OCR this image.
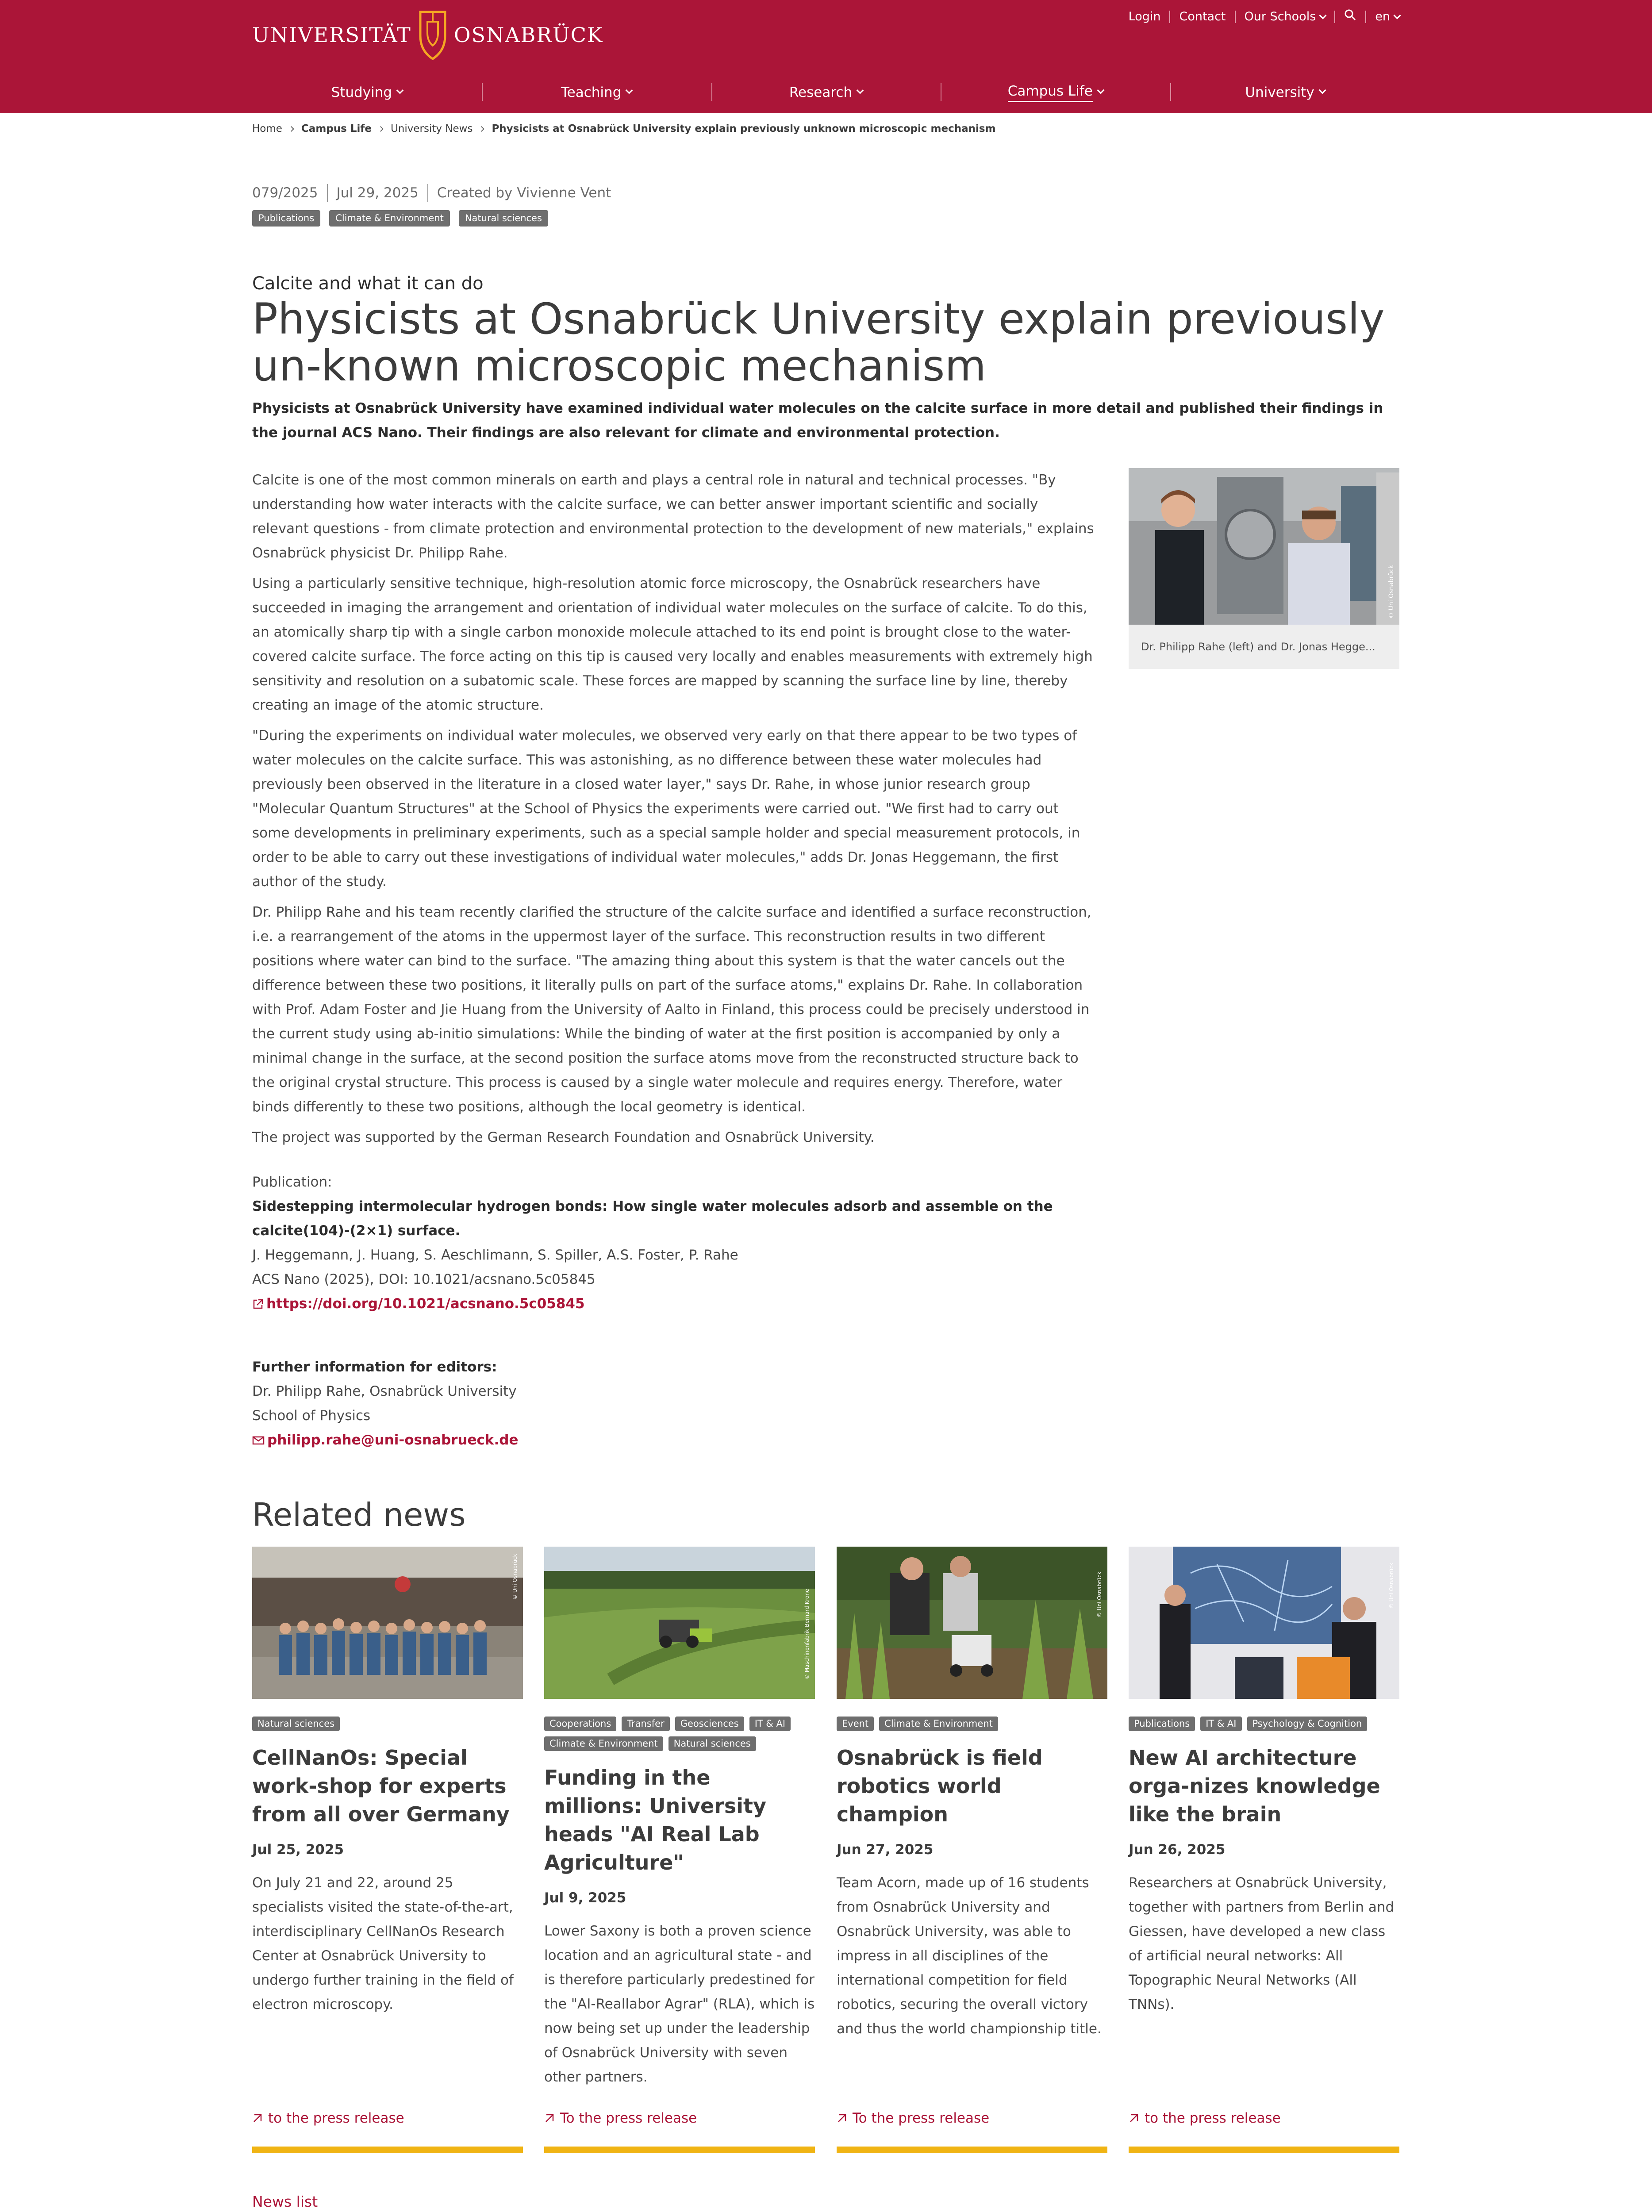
UNIVERSITÄT OSNABRÜCK
Login Contact Our Schools	en
Studying	Teaching	Research	Campus Life	University
Home Campus Life University News Physicists at Osnabrück University explain previously unknown microscopic mechanism
079/2025 Jul 29, 2025 Created by Vivienne Vent
Publications	Climate & Environment	Natural sciences
Calcite and what it can do
Physicists at Osnabrück University explain previously un-known microscopic mechanism
Physicists at Osnabrück University have examined individual water molecules on the calcite surface in more detail and published their findings in the journal ACS Nano. Their findings are also relevant for climate and environmental protection.

Calcite is one of the most common minerals on earth and plays a central role in natural and technical processes. "By understanding how water interacts with the calcite surface, we can better answer important scientific and socially relevant questions - from climate protection and environmental protection to the development of new materials," explains Osnabrück physicist Dr. Philipp Rahe.

Using a particularly sensitive technique, high-resolution atomic force microscopy, the Osnabrück researchers have succeeded in imaging the arrangement and orientation of individual water molecules on the surface of calcite. To do this, an atomically sharp tip with a single carbon monoxide molecule attached to its end point is brought close to the water-covered calcite surface. The force acting on this tip is caused very locally and enables measurements with extremely high sensitivity and resolution on a subatomic scale. These forces are mapped by scanning the surface line by line, thereby creating an image of the atomic structure.

"During the experiments on individual water molecules, we observed very early on that there appear to be two types of water molecules on the calcite surface. This was astonishing, as no difference between these water molecules had previously been observed in the literature in a closed water layer," says Dr. Rahe, in whose junior research group "Molecular Quantum Structures" at the School of Physics the experiments were carried out. "We first had to carry out some developments in preliminary experiments, such as a special sample holder and special measurement protocols, in order to be able to carry out these investigations of individual water molecules," adds Dr. Jonas Heggemann, the first author of the study.

Dr. Philipp Rahe and his team recently clarified the structure of the calcite surface and identified a surface reconstruction, i.e. a rearrangement of the atoms in the uppermost layer of the surface. This reconstruction results in two different positions where water can bind to the surface. "The amazing thing about this system is that the water cancels out the difference between these two positions, it literally pulls on part of the surface atoms," explains Dr. Rahe. In collaboration with Prof. Adam Foster and Jie Huang from the University of Aalto in Finland, this process could be precisely understood in the current study using ab-initio simulations: While the binding of water at the first position is accompanied by only a minimal change in the surface, at the second position the surface atoms move from the reconstructed structure back to the original crystal structure. This process is caused by a single water molecule and requires energy. Therefore, water binds differently to these two positions, although the local geometry is identical.

The project was supported by the German Research Foundation and Osnabrück University.

© Uni Osnabrück
Dr. Philipp Rahe (left) and Dr. Jonas Hegge...
Publication:
Sidestepping intermolecular hydrogen bonds: How single water molecules adsorb and assemble on the calcite(104)-(2×1) surface.
J. Heggemann, J. Huang, S. Aeschlimann, S. Spiller, A.S. Foster, P. Rahe
ACS Nano (2025), DOI: 10.1021/acsnano.5c05845
https://doi.org/10.1021/acsnano.5c05845
Further information for editors:
Dr. Philipp Rahe, Osnabrück University
School of Physics
philipp.rahe@uni-osnabrueck.de
Related news
© Uni Osnabrück
Natural sciences
CellNanOs: Special work-shop for experts from all over Germany
Jul 25, 2025
On July 21 and 22, around 25 specialists visited the state-of-the-art, interdisciplinary CellNanOs Research Center at Osnabrück University to undergo further training in the field of electron microscopy.
to the press release
© Maschinenfabrik Bernard Krone
Cooperations	Transfer	Geosciences	IT & AI
Climate & Environment	Natural sciences
Funding in the millions: University heads "AI Real Lab Agriculture"
Jul 9, 2025
Lower Saxony is both a proven science location and an agricultural state - and is therefore particularly predestined for the "AI-Reallabor Agrar" (RLA), which is now being set up under the leadership of Osnabrück University with seven other partners.
To the press release
© Uni Osnabrück
Event	Climate & Environment
Osnabrück is field robotics world champion
Jun 27, 2025
Team Acorn, made up of 16 students from Osnabrück University and Osnabrück University, was able to impress in all disciplines of the international competition for field robotics, securing the overall victory and thus the world championship title.
To the press release
© Uni Osnabrück
Publications	IT & AI	Psychology & Cognition
New AI architecture orga-nizes knowledge like the brain
Jun 26, 2025
Researchers at Osnabrück University, together with partners from Berlin and Giessen, have developed a new class of artificial neural networks: All Topographic Neural Networks (All TNNs).
to the press release
News list
